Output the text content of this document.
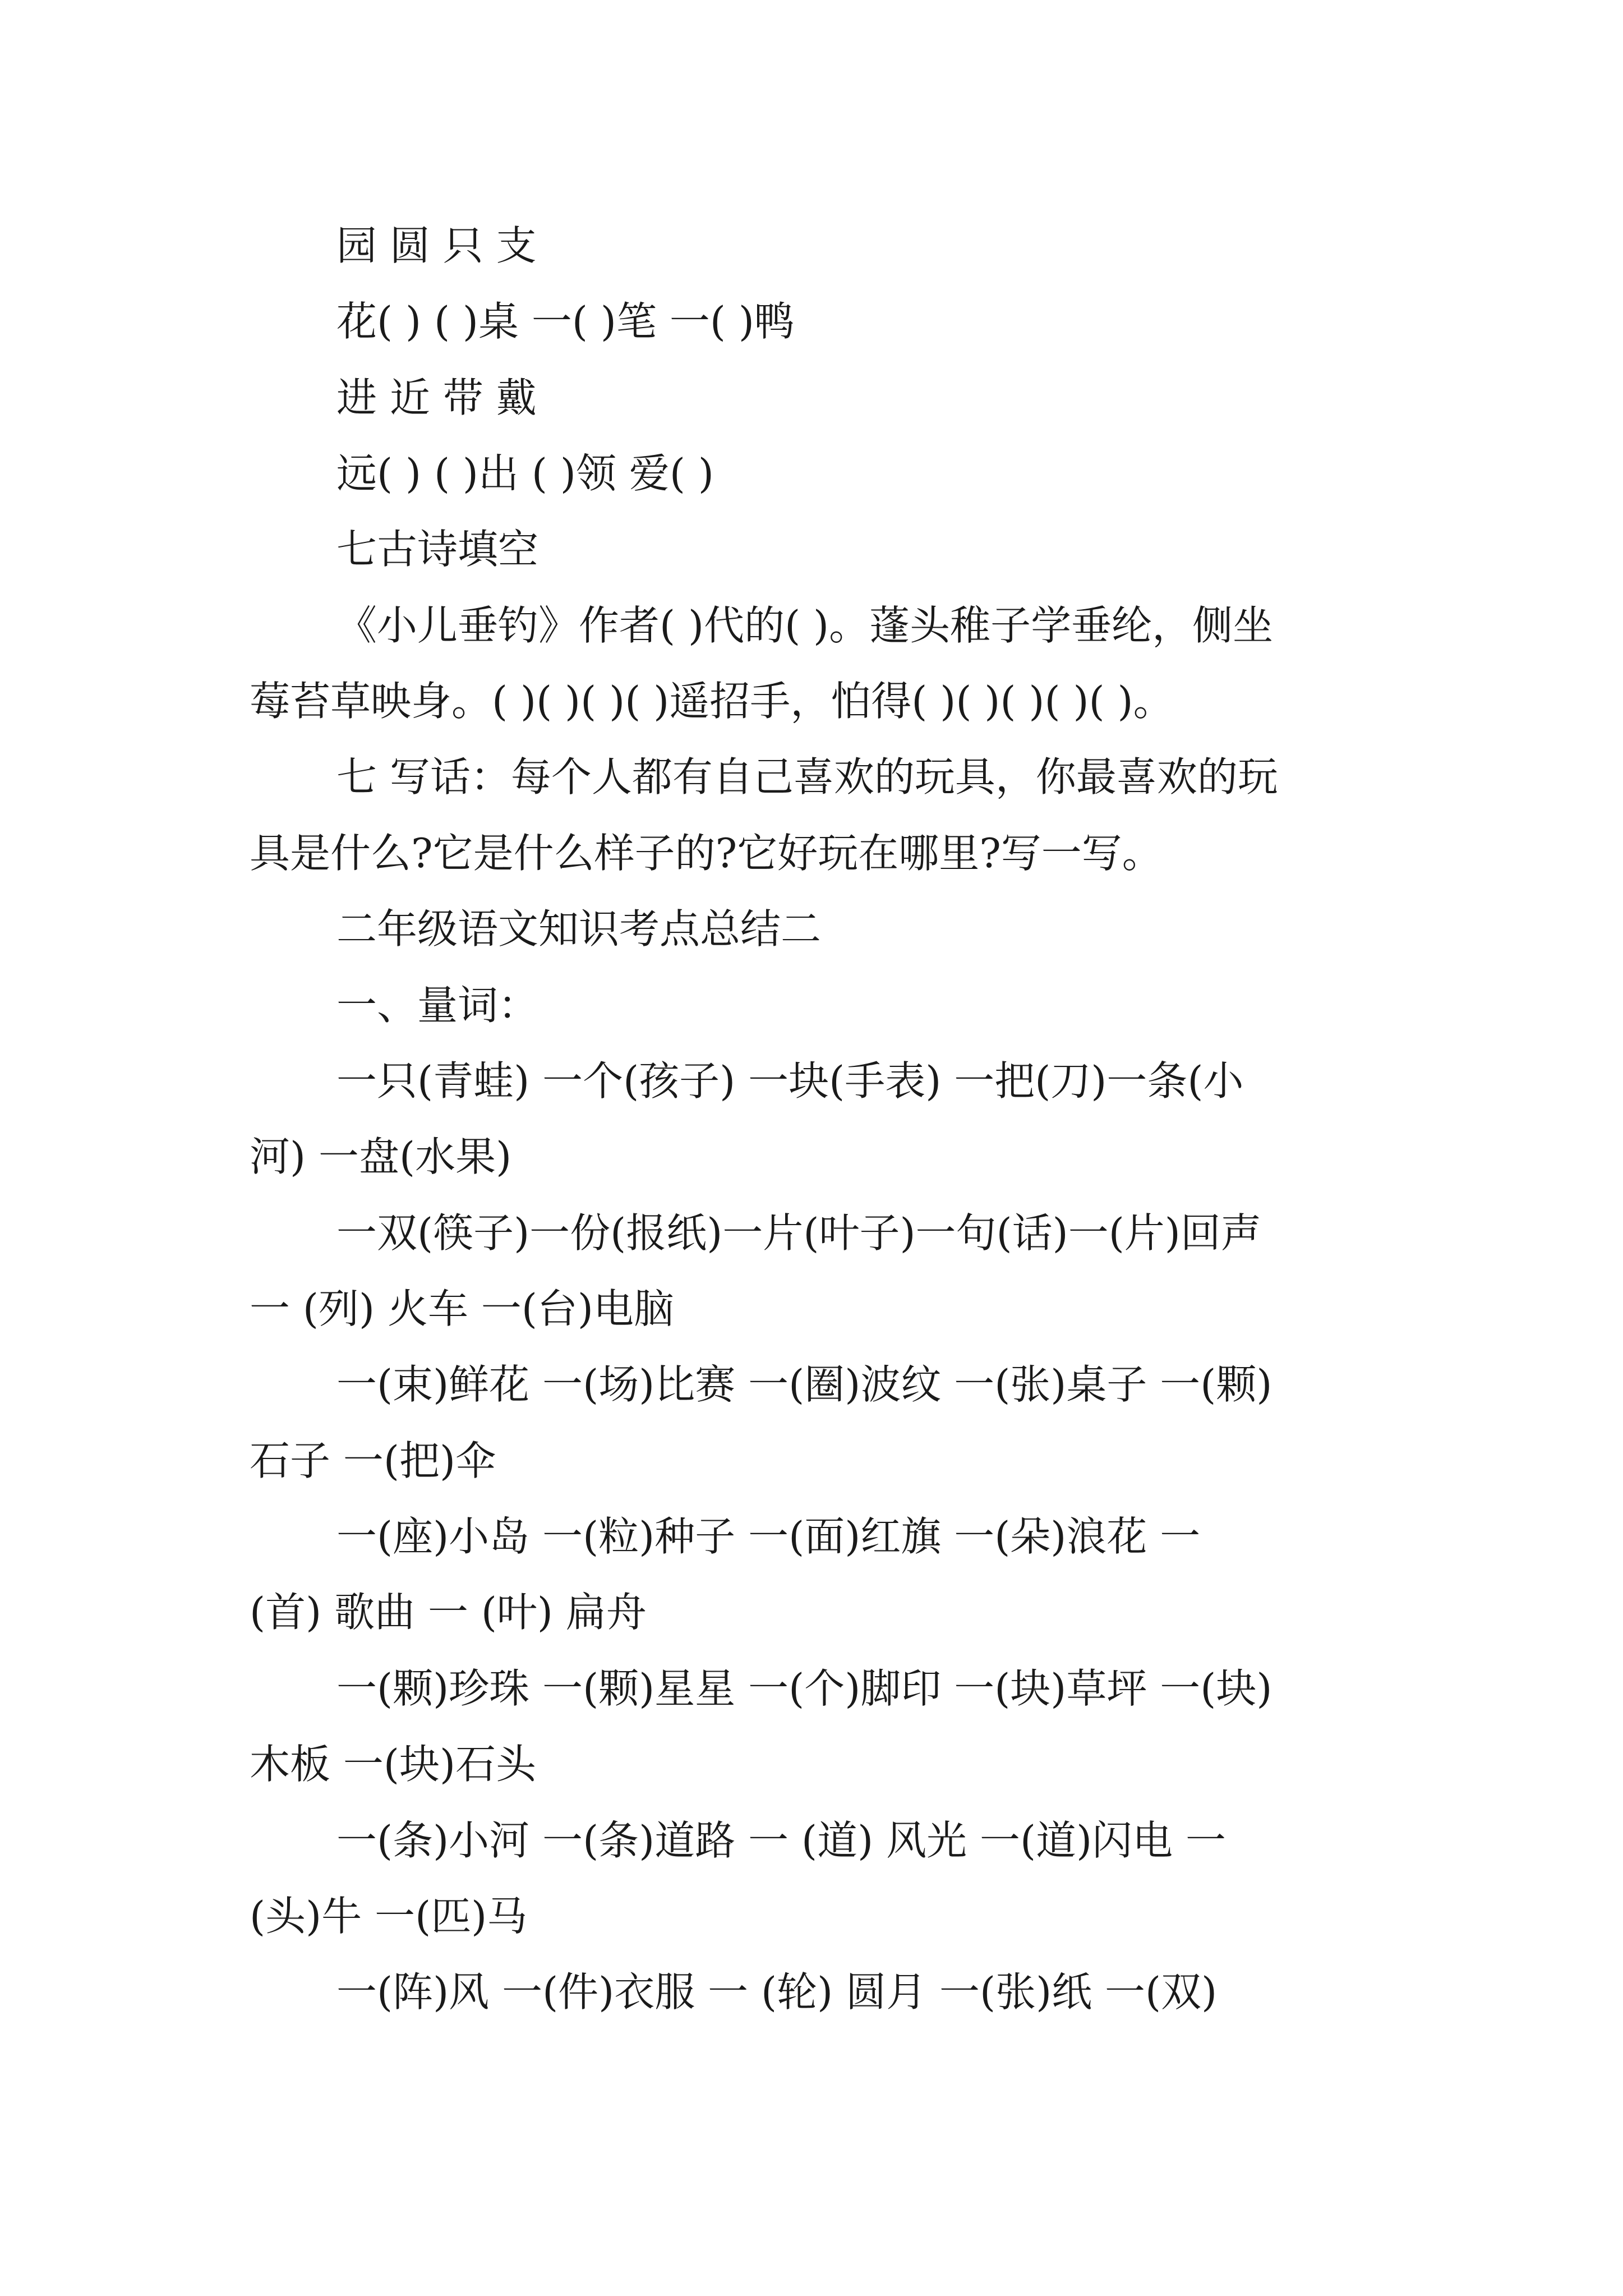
园 圆 只 支
花( ) ( )桌 一( )笔 一( )鸭
进 近 带 戴
远( ) ( )出 ( )领 爱( )
七古诗填空
《小儿垂钓》作者( )代的( )。蓬头稚子学垂纶，侧坐
莓苔草映身。( )( )( )( )遥招手，怕得( )( )( )( )( )。
七 写话：每个人都有自己喜欢的玩具，你最喜欢的玩
具是什么?它是什么样子的?它好玩在哪里?写一写。
二年级语文知识考点总结二
一、量词：
一只(青蛙) 一个(孩子) 一块(手表) 一把(刀)一条(小
河) 一盘(水果)
一双(筷子)一份(报纸)一片(叶子)一句(话)一(片)回声
一 (列) 火车 一(台)电脑
一(束)鲜花 一(场)比赛 一(圈)波纹 一(张)桌子 一(颗)
石子 一(把)伞
一(座)小岛 一(粒)种子 一(面)红旗 一(朵)浪花 一
(首) 歌曲 一 (叶) 扁舟
一(颗)珍珠 一(颗)星星 一(个)脚印 一(块)草坪 一(块)
木板 一(块)石头
一(条)小河 一(条)道路 一 (道) 风光 一(道)闪电 一
(头)牛 一(匹)马
一(阵)风 一(件)衣服 一 (轮) 圆月 一(张)纸 一(双)
